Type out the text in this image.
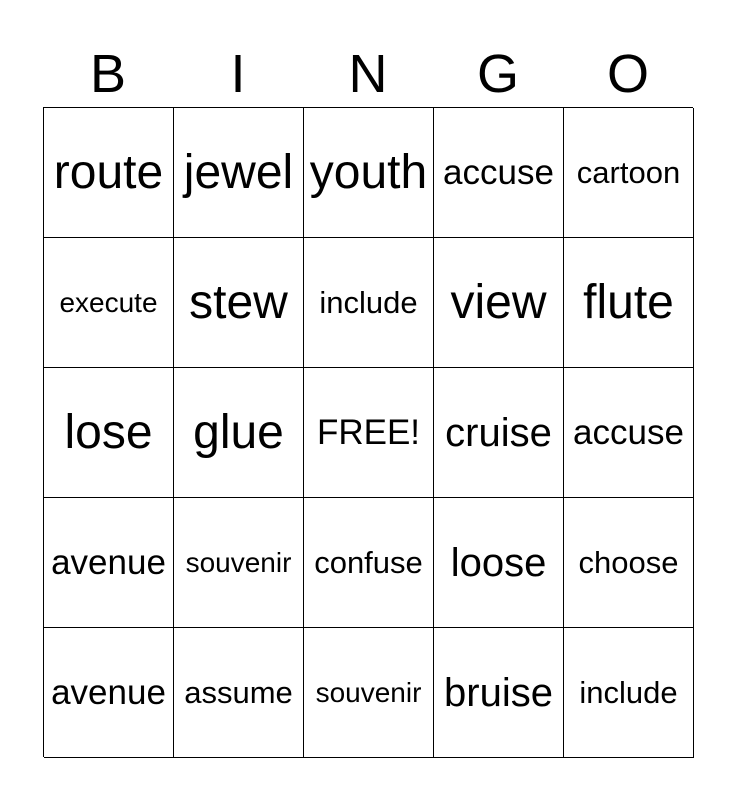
B	I	N	G	O
route jewel youth accuse cartoon
execute stew	include view flute
lose glue FREE! cruise accuse
avenue souvenir confuse loose	choose
avenue assume souvenir bruise include
